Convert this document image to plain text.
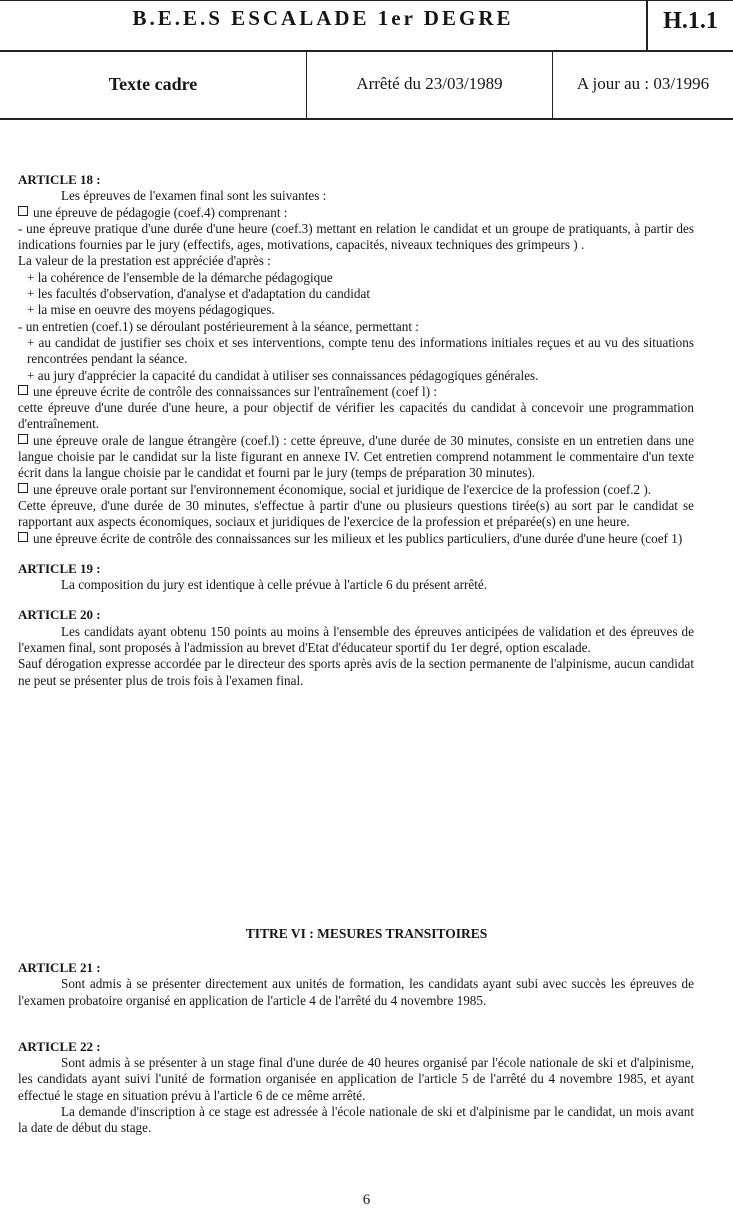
B.E.E.S ESCALADE 1er DEGRE	H.1.1
Texte cadre	Arrêté du 23/03/1989	A jour au : 03/1996
ARTICLE 18 :

Les épreuves de l'examen final sont les suivantes :

une épreuve de pédagogie (coef.4) comprenant :

- une épreuve pratique d'une durée d'une heure (coef.3) mettant en relation le candidat et un groupe de pratiquants, à partir des indications fournies par le jury (effectifs, ages, motivations, capacités, niveaux techniques des grimpeurs ) .

La valeur de la prestation est appréciée d'après :

+ la cohérence de l'ensemble de la démarche pédagogique

+ les facultés d'observation, d'analyse et d'adaptation du candidat

+ la mise en oeuvre des moyens pédagogiques.

- un entretien (coef.1) se déroulant postérieurement à la séance, permettant :

+ au candidat de justifier ses choix et ses interventions, compte tenu des informations initiales reçues et au vu des situations rencontrées pendant la séance.

+ au jury d'apprécier la capacité du candidat à utiliser ses connaissances pédagogiques générales.

une épreuve écrite de contrôle des connaissances sur l'entraînement (coef l) :

cette épreuve d'une durée d'une heure, a pour objectif de vérifier les capacités du candidat à concevoir une programmation d'entraînement.

une épreuve orale de langue étrangère (coef.l) : cette épreuve, d'une durée de 30 minutes, consiste en un entretien dans une langue choisie par le candidat sur la liste figurant en annexe IV. Cet entretien comprend notamment le commentaire d'un texte écrit dans la langue choisie par le candidat et fourni par le jury (temps de préparation 30 minutes).

une épreuve orale portant sur l'environnement économique, social et juridique de l'exercice de la profession (coef.2 ).

Cette épreuve, d'une durée de 30 minutes, s'effectue à partir d'une ou plusieurs questions tirée(s) au sort par le candidat se rapportant aux aspects économiques, sociaux et juridiques de l'exercice de la profession et préparée(s) en une heure.

une épreuve écrite de contrôle des connaissances sur les milieux et les publics particuliers, d'une durée d'une heure (coef 1)

ARTICLE 19 :

La composition du jury est identique à celle prévue à l'article 6 du présent arrêté.

ARTICLE 20 :

Les candidats ayant obtenu 150 points au moins à l'ensemble des épreuves anticipées de validation et des épreuves de l'examen final, sont proposés à l'admission au brevet d'Etat d'éducateur sportif du 1er degré, option escalade.

Sauf dérogation expresse accordée par le directeur des sports après avis de la section permanente de l'alpinisme, aucun candidat ne peut se présenter plus de trois fois à l'examen final.

TITRE VI : MESURES TRANSITOIRES
ARTICLE 21 :

Sont admis à se présenter directement aux unités de formation, les candidats ayant subi avec succès les épreuves de l'examen probatoire organisé en application de l'article 4 de l'arrêté du 4 novembre 1985.

ARTICLE 22 :

Sont admis à se présenter à un stage final d'une durée de 40 heures organisé par l'école nationale de ski et d'alpinisme, les candidats ayant suivi l'unité de formation organisée en application de l'article 5 de l'arrêté du 4 novembre 1985, et ayant effectué le stage en situation prévu à l'article 6 de ce même arrêté.

La demande d'inscription à ce stage est adressée à l'école nationale de ski et d'alpinisme par le candidat, un mois avant la date de début du stage.

6
